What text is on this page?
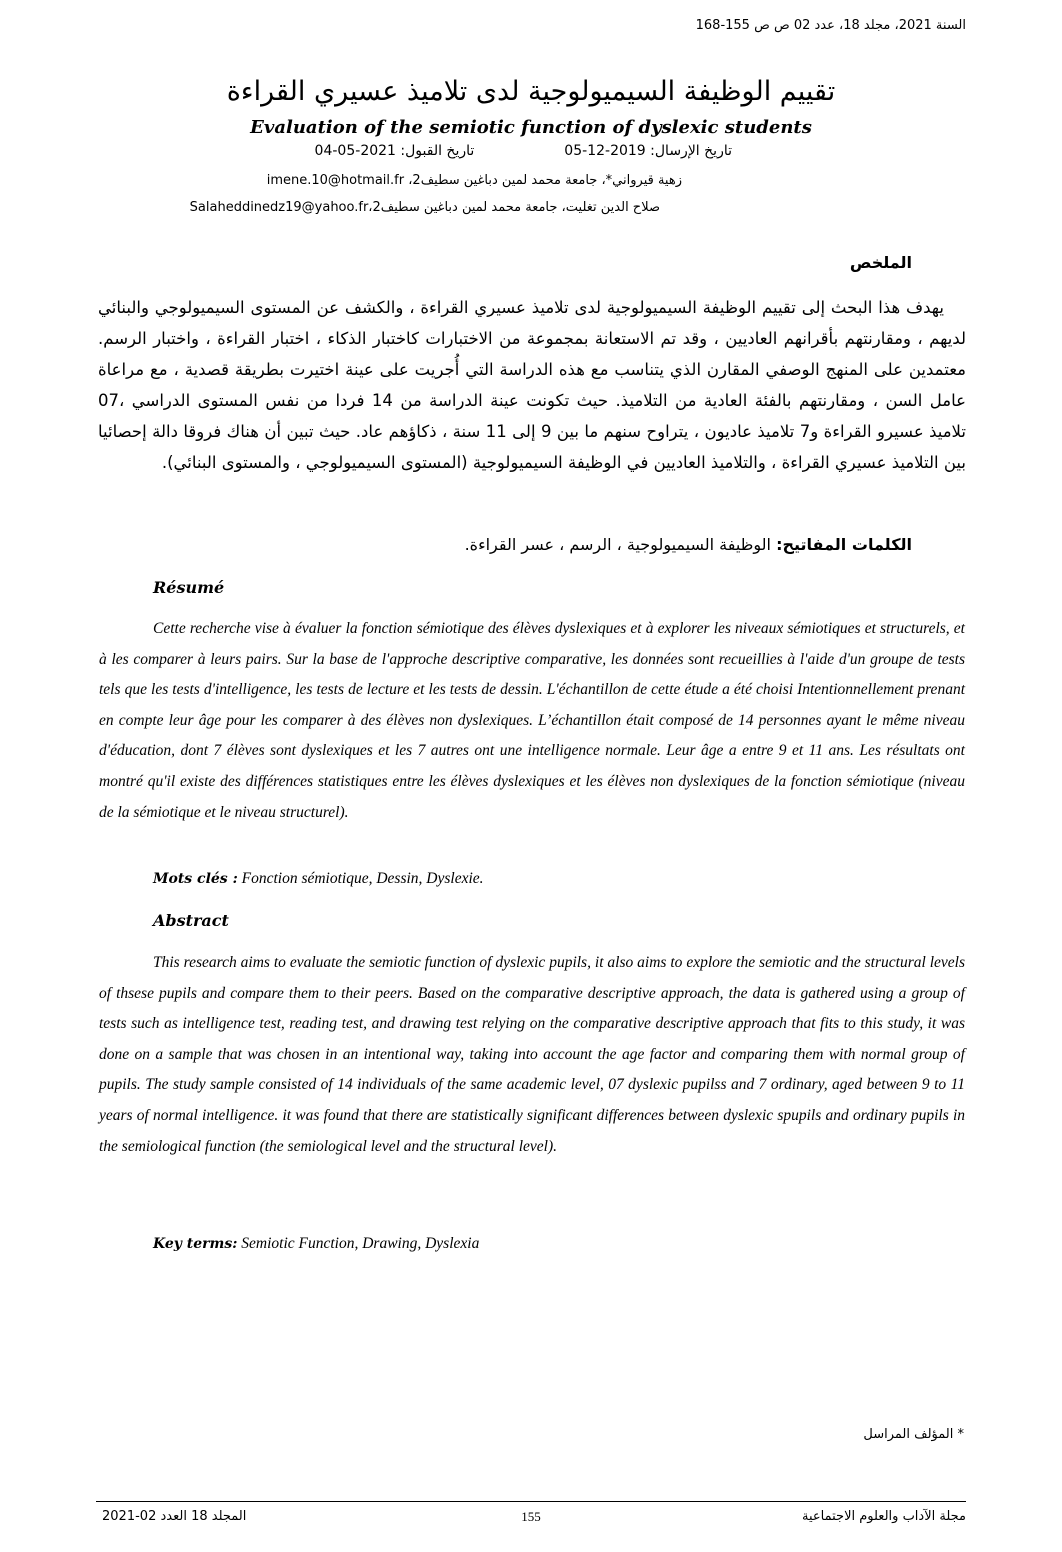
السنة 2021، مجلد 18، عدد 02 ص ص 155-168
تقييم الوظيفة السيميولوجية لدى تلاميذ عسيري القراءة
Evaluation of the semiotic function of dyslexic students
تاريخ الإرسال: 2019-12-05تاريخ القبول: 2021-05-04
زهية قيرواني*، جامعة محمد لمين دباغين سطيف2، imene.10@hotmail.fr
صلاح الدين تغليت، جامعة محمد لمين دباغين سطيف2،Salaheddinedz19@yahoo.fr
الملخص
يهدف هذا البحث إلى تقييم الوظيفة السيميولوجية لدى تلاميذ عسيري القراءة ، والكشف عن المستوى السيميولوجي والبنائي لديهم ، ومقارنتهم بأقرانهم العاديين ، وقد تم الاستعانة بمجموعة من الاختبارات كاختبار الذكاء ، اختبار القراءة ، واختبار الرسم. معتمدين على المنهج الوصفي المقارن الذي يتناسب مع هذه الدراسة التي أُجريت على عينة اختيرت بطريقة قصدية ، مع مراعاة عامل السن ، ومقارنتهم بالفئة العادية من التلاميذ. حيث تكونت عينة الدراسة من 14 فردا من نفس المستوى الدراسي ،07 تلاميذ عسيرو القراءة و7 تلاميذ عاديون ، يتراوح سنهم ما بين 9 إلى 11 سنة ، ذكاؤهم عاد. حيث تبين أن هناك فروقا دالة إحصائيا بين التلاميذ عسيري القراءة ، والتلاميذ العاديين في الوظيفة السيميولوجية (المستوى السيميولوجي ، والمستوى البنائي).
الكلمات المفاتيح: الوظيفة السيميولوجية ، الرسم ، عسر القراءة.
Résumé
Cette recherche vise à évaluer la fonction sémiotique des élèves dyslexiques et à explorer les niveaux sémiotiques et structurels, et à les comparer à leurs pairs. Sur la base de l'approche descriptive comparative, les données sont recueillies à l'aide d'un groupe de tests tels que les tests d'intelligence, les tests de lecture et les tests de dessin. L'échantillon de cette étude a été choisi Intentionnellement prenant en compte leur âge pour les comparer à des élèves non dyslexiques. L’échantillon était composé de 14 personnes ayant le même niveau d'éducation, dont 7 élèves sont dyslexiques et les 7 autres ont une intelligence normale. Leur âge a entre 9 et 11 ans. Les résultats ont montré qu'il existe des différences statistiques entre les élèves dyslexiques et les élèves non dyslexiques de la fonction sémiotique (niveau de la sémiotique et le niveau structurel).
Mots clés : Fonction sémiotique, Dessin, Dyslexie.
Abstract
This research aims to evaluate the semiotic function of dyslexic pupils, it also aims to explore the semiotic and the structural levels of thsese pupils and compare them to their peers. Based on the comparative descriptive approach, the data is gathered using a group of tests such as intelligence test, reading test, and drawing test relying on the comparative descriptive approach that fits to this study, it was done on a sample that was chosen in an intentional way, taking into account the age factor and comparing them with normal group of pupils. The study sample consisted of 14 individuals of the same academic level, 07 dyslexic pupilss and 7 ordinary, aged between 9 to 11 years of normal intelligence. it was found that there are statistically significant differences between dyslexic spupils and ordinary pupils in the semiological function (the semiological level and the structural level).
Key terms: Semiotic Function, Drawing, Dyslexia
* المؤلف المراسل
المجلد 18 العدد 02-2021	155	مجلة الآداب والعلوم الاجتماعية
